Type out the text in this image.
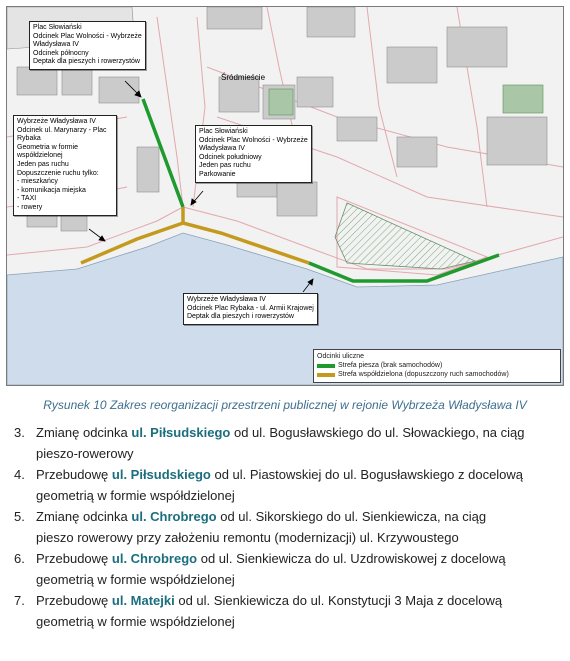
Śródmieście
Plac Słowiański
Odcinek Plac Wolności - Wybrzeże
Władysława IV
Odcinek północny
Deptak dla pieszych i rowerzystów
Wybrzeże Władysława IV
Odcinek ul. Marynarzy - Plac
Rybaka
Geometria w formie
współdzielonej
Jeden pas ruchu
Dopuszczenie ruchu tylko:
- mieszkańcy
- komunikacja miejska
- TAXI
- rowery
Plac Słowiański
Odcinek Plac Wolności - Wybrzeże
Władysława IV
Odcinek południowy
Jeden pas ruchu
Parkowanie
Wybrzeże Władysława IV
Odcinek Plac Rybaka - ul. Armii Krajowej
Deptak dla pieszych i rowerzystów
Odcinki uliczne
Strefa piesza (brak samochodów)
Strefa współdzielona (dopuszczony ruch samochodów)
Rysunek 10 Zakres reorganizacji przestrzeni publicznej w rejonie Wybrzeża Władysława IV
3. Zmianę odcinka ul. Piłsudskiego od ul. Bogusławskiego do ul. Słowackiego, na ciąg
pieszo-rowerowy
4. Przebudowę ul. Piłsudskiego od ul. Piastowskiej do ul. Bogusławskiego z docelową
geometrią w formie współdzielonej
5. Zmianę odcinka ul. Chrobrego od ul. Sikorskiego do ul. Sienkiewicza, na ciąg
pieszo rowerowy przy założeniu remontu (modernizacji) ul. Krzywoustego
6. Przebudowę ul. Chrobrego od ul. Sienkiewicza do ul. Uzdrowiskowej z docelową
geometrią w formie współdzielonej
7. Przebudowę ul. Matejki od ul. Sienkiewicza do ul. Konstytucji 3 Maja z docelową
geometrią w formie współdzielonej
